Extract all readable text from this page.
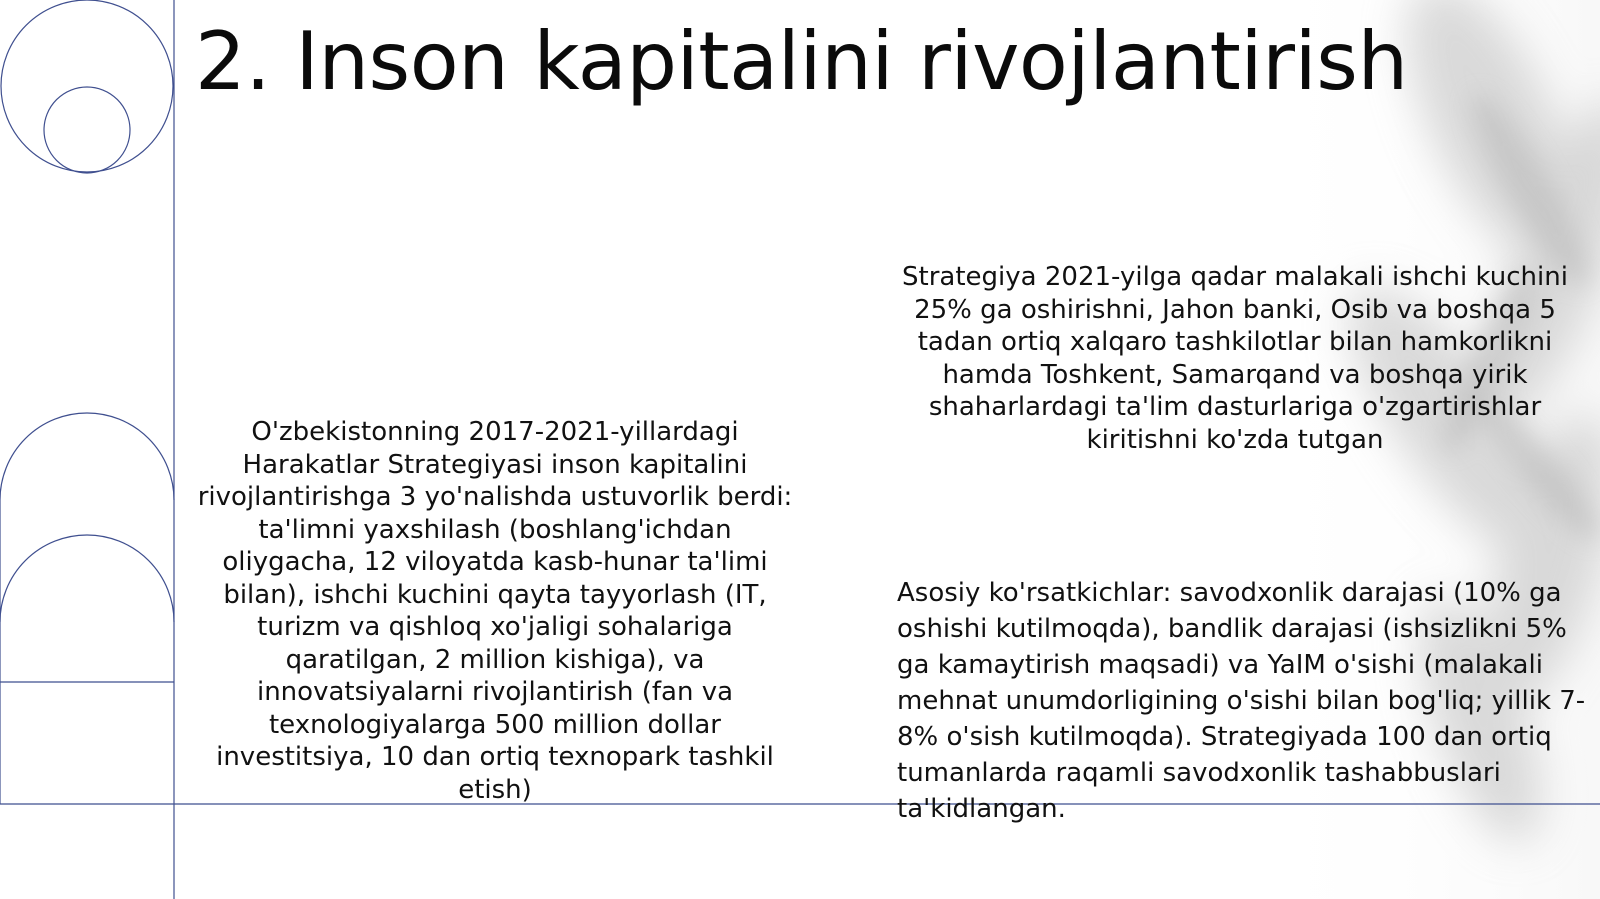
2. Inson kapitalini rivojlantirish
O'zbekistonning 2017-2021-yillardagi Harakatlar Strategiyasi inson kapitalini rivojlantirishga 3 yo'nalishda ustuvorlik berdi: ta'limni yaxshilash (boshlang'ichdan oliygacha, 12 viloyatda kasb-hunar ta'limi bilan), ishchi kuchini qayta tayyorlash (IT, turizm va qishloq xo'jaligi sohalariga qaratilgan, 2 million kishiga), va innovatsiyalarni rivojlantirish (fan va texnologiyalarga 500 million dollar investitsiya, 10 dan ortiq texnopark tashkil etish)
Strategiya 2021-yilga qadar malakali ishchi kuchini 25% ga oshirishni, Jahon banki, Osib va boshqa 5 tadan ortiq xalqaro tashkilotlar bilan hamkorlikni hamda Toshkent, Samarqand va boshqa yirik shaharlardagi ta'lim dasturlariga o'zgartirishlar kiritishni ko'zda tutgan
Asosiy ko'rsatkichlar: savodxonlik darajasi (10% ga oshishi kutilmoqda), bandlik darajasi (ishsizlikni 5% ga kamaytirish maqsadi) va YaIM o'sishi (malakali mehnat unumdorligining o'sishi bilan bog'liq; yillik 7-8% o'sish kutilmoqda). Strategiyada 100 dan ortiq tumanlarda raqamli savodxonlik tashabbuslari ta'kidlangan.
